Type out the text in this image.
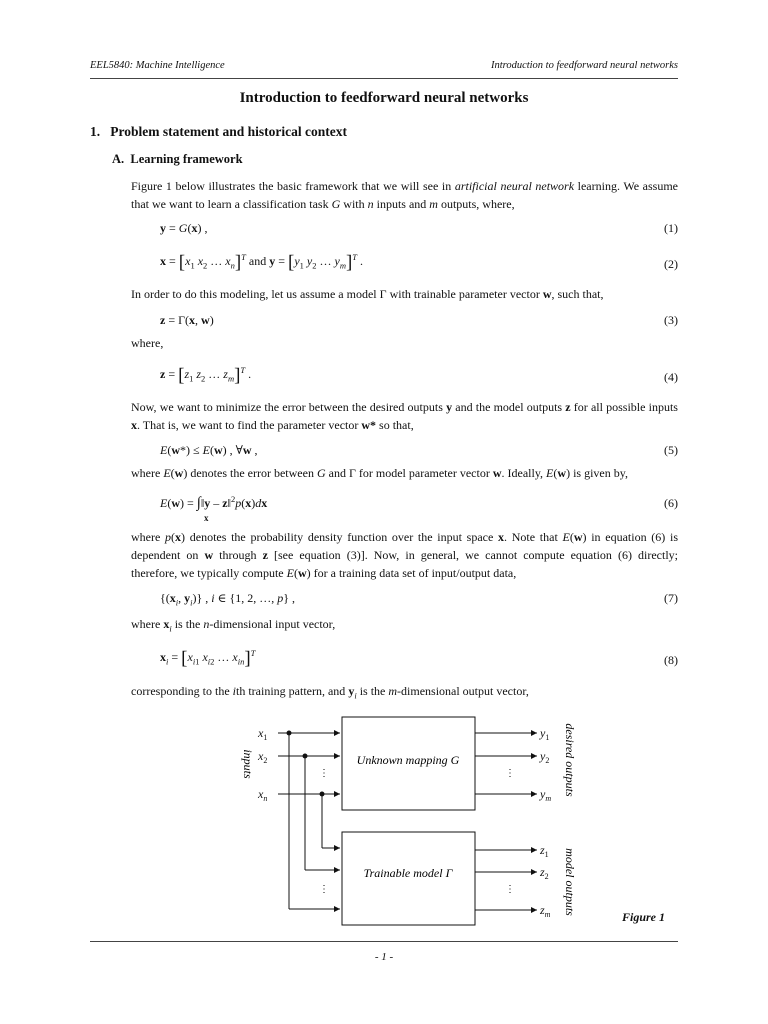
EEL5840: Machine Intelligence	Introduction to feedforward neural networks
Introduction to feedforward neural networks
1. Problem statement and historical context
A. Learning framework
Figure 1 below illustrates the basic framework that we will see in artificial neural network learning. We assume that we want to learn a classification task G with n inputs and m outputs, where,
y = G(x) ,	(1)
$x = [x_1$ $x_2$ … $x_n]^T$ and $y = [y_1$ $y_2$ … $y_m]^T$ .	(2)
In order to do this modeling, let us assume a model Γ with trainable parameter vector w, such that,
z = Γ(x, w)	(3)
where,
$z = [z_1$ $z_2$ … $z_m]^T$ .	(4)
Now, we want to minimize the error between the desired outputs y and the model outputs z for all possible inputs x. That is, we want to find the parameter vector w* so that,
E(w*) ≤ E(w) , ∀w ,	(5)
where E(w) denotes the error between G and Γ for model parameter vector w. Ideally, E(w) is given by,
E(w) = ∫‖y – z‖$^2$p(x)dx
x
(6)
where p(x) denotes the probability density function over the input space x. Note that E(w) in equation (6) is dependent on w through z [see equation (3)]. Now, in general, we cannot compute equation (6) directly; therefore, we typically compute E(w) for a training data set of input/output data,
{($x_i$, $y_i$)} , i ∈ {1, 2, …, p} ,	(7)
where $x_i$ is the n-dimensional input vector,
$x_i = [x_{i1}$ $x_{i2}$ … $x_{in}]^T$	(8)
corresponding to the ith training pattern, and $y_i$ is the m-dimensional output vector,
⋮
⋮
⋮
⋮
$x_1$
$x_2$
$x_n$
$y_1$
$y_2$
$y_m$
$z_1$
$z_2$
$z_m$
Unknown mapping G
Trainable model Γ
inputs	desired outputs
model outputs
Figure 1
- 1 -
